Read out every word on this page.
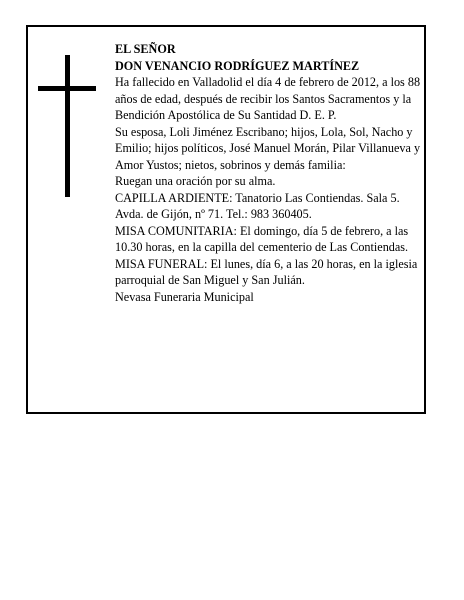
EL SEÑOR

DON VENANCIO RODRÍGUEZ MARTÍNEZ

Ha fallecido en Valladolid el día 4 de febrero de 2012, a los 88 años de edad, después de recibir los Santos Sacramentos y la Bendición Apostólica de Su Santidad D. E. P.

Su esposa, Loli Jiménez Escribano; hijos, Lola, Sol, Nacho y Emilio; hijos políticos, José Manuel Morán, Pilar Villanueva y Amor Yustos; nietos, sobrinos y demás familia:

Ruegan una oración por su alma.

CAPILLA ARDIENTE: Tanatorio Las Contiendas. Sala 5. Avda. de Gijón, nº 71. Tel.: 983 360405.

MISA COMUNITARIA: El domingo, día 5 de febrero, a las 10.30 horas, en la capilla del cementerio de Las Contiendas.

MISA FUNERAL: El lunes, día 6, a las 20 horas, en la iglesia parroquial de San Miguel y San Julián.

Nevasa Funeraria Municipal
